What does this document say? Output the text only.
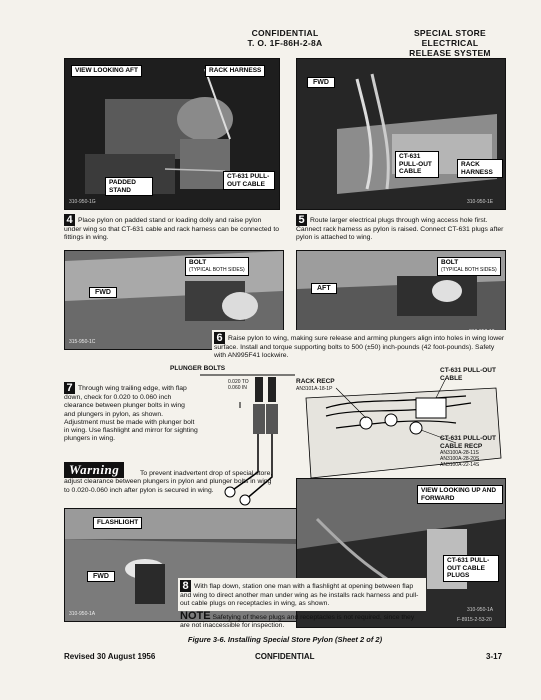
CONFIDENTIAL
T. O. 1F-86H-2-8A
SPECIAL STORE ELECTRICAL
RELEASE SYSTEM
VIEW LOOKING AFT	RACK HARNESS
PADDED STAND
CT-631 PULL-OUT CABLE
310-950-1G
FWD
CT-631 PULL-OUT CABLE
RACK HARNESS
310-950-1E
4 Place pylon on padded stand or loading dolly and raise pylon under wing so that CT-631 cable and rack harness can be connected to fittings in wing.
5 Route larger electrical plugs through wing access hole first. Cannect rack harness as pylon is raised. Connect CT-631 plugs after pylon is attached to wing.
BOLT
(TYPICAL BOTH SIDES)
FWD
315-950-1C
BOLT
(TYPICAL BOTH SIDES)
AFT
6 Raise pylon to wing, making sure release and arming plungers align into holes in wing lower surface. Install and torque supporting bolts to 500 (±50) inch-pounds (42 foot-pounds). Safety with AN995F41 lockwire.
PLUNGER BOLTS
0.020 TO
0.060 IN
7 Through wing trailing edge, with flap down, check for 0.020 to 0.060 inch clearance between plunger bolts in wing and plungers in pylon, as shown. Adjustment must be made with plunger bolt in wing. Use flashlight and mirror for sighting plungers in wing.
Warning	To prevent inadvertent drop of special store, adjust clearance between plungers in pylon and plunger bolts in wing to 0.020-0.060 inch after pylon is secured in wing.
RACK RECP
AN3101A-18-1P
CT-631 PULL-OUT CABLE
CT-631 PULL-OUT CABLE RECP
AN3100A-28-11S
AN3100A-28-20S
AN3100A-22-14S
FLASHLIGHT
FWD
310-950-1A
VIEW LOOKING UP AND FORWARD
CT-631 PULL-OUT CABLE PLUGS
310-950-1A
F-8915-2-53-20
8 With flap down, station one man with a flashlight at opening between flap and wing to direct another man under wing as he installs rack harness and pull-out cable plugs on receptacles in wing, as shown.
NOTE Safetying of these plugs and receptacles is not required, since they are not inaccessible for inspection.
Figure 3-6. Installing Special Store Pylon (Sheet 2 of 2)
Revised 30 August 1956	CONFIDENTIAL	3-17
